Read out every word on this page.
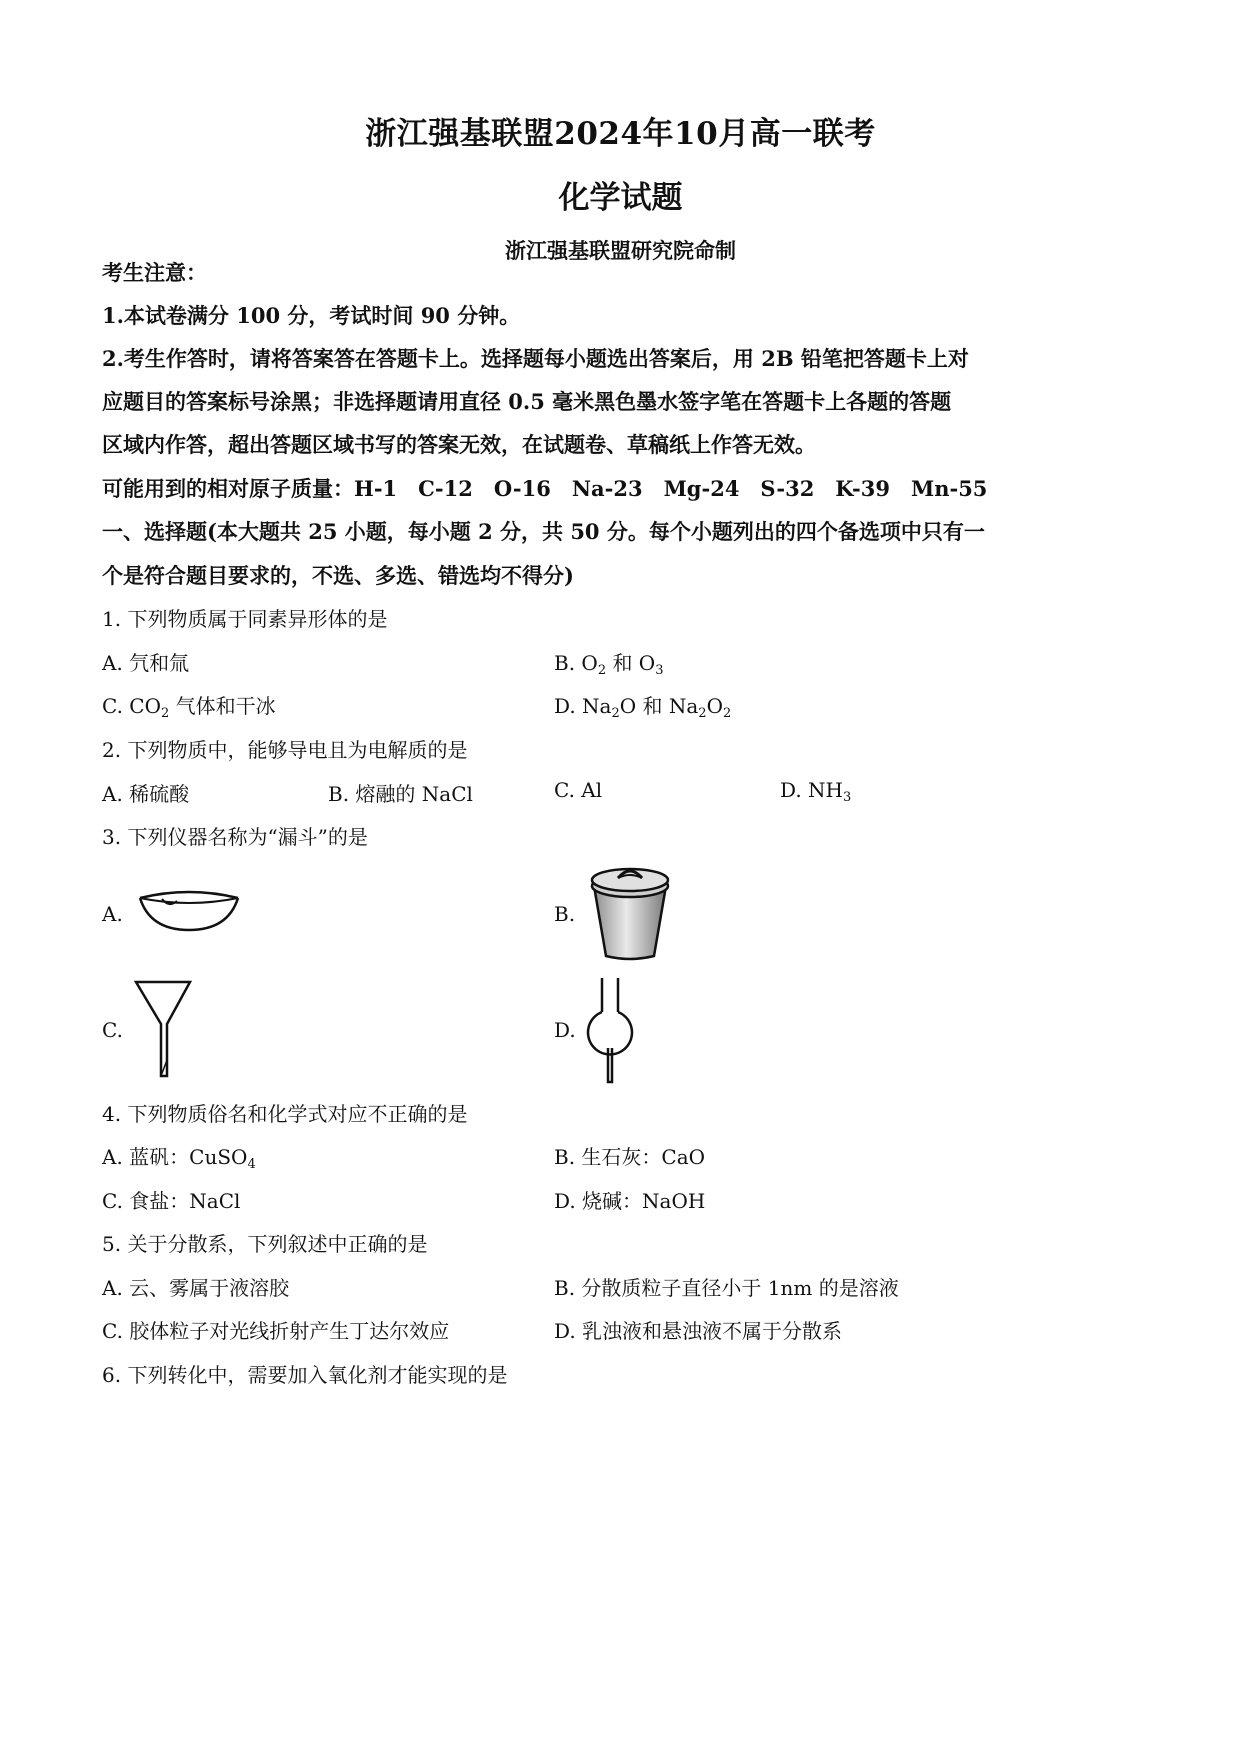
浙江强基联盟2024年10月高一联考
化学试题
浙江强基联盟研究院命制
考生注意：
1.本试卷满分 100 分，考试时间 90 分钟。
2.考生作答时，请将答案答在答题卡上。选择题每小题选出答案后，用 2B 铅笔把答题卡上对
应题目的答案标号涂黑；非选择题请用直径 0.5 毫米黑色墨水签字笔在答题卡上各题的答题
区域内作答，超出答题区域书写的答案无效，在试题卷、草稿纸上作答无效。
可能用到的相对原子质量：H-1　C-12　O-16　Na-23　Mg-24　S-32　K-39　Mn-55
一、选择题(本大题共 25 小题，每小题 2 分，共 50 分。每个小题列出的四个备选项中只有一
个是符合题目要求的，不选、多选、错选均不得分)
1. 下列物质属于同素异形体的是
A. 氕和氚	B. $O_2$ 和 $O_3$
C. $CO_2$ 气体和干冰	D. $Na_2O$ 和 $Na_2O_2$
2. 下列物质中，能够导电且为电解质的是
A. 稀硫酸	B. 熔融的 NaCl	C. Al	D. $NH_3$
3. 下列仪器名称为“漏斗”的是
A.	B.
C.	D.
4. 下列物质俗名和化学式对应不正确的是
A. 蓝矾：CuSO$_4$	B. 生石灰：CaO
C. 食盐：NaCl	D. 烧碱：NaOH
5. 关于分散系，下列叙述中正确的是
A. 云、雾属于液溶胶	B. 分散质粒子直径小于 1nm 的是溶液
C. 胶体粒子对光线折射产生丁达尔效应	D. 乳浊液和悬浊液不属于分散系
6. 下列转化中，需要加入氧化剂才能实现的是
